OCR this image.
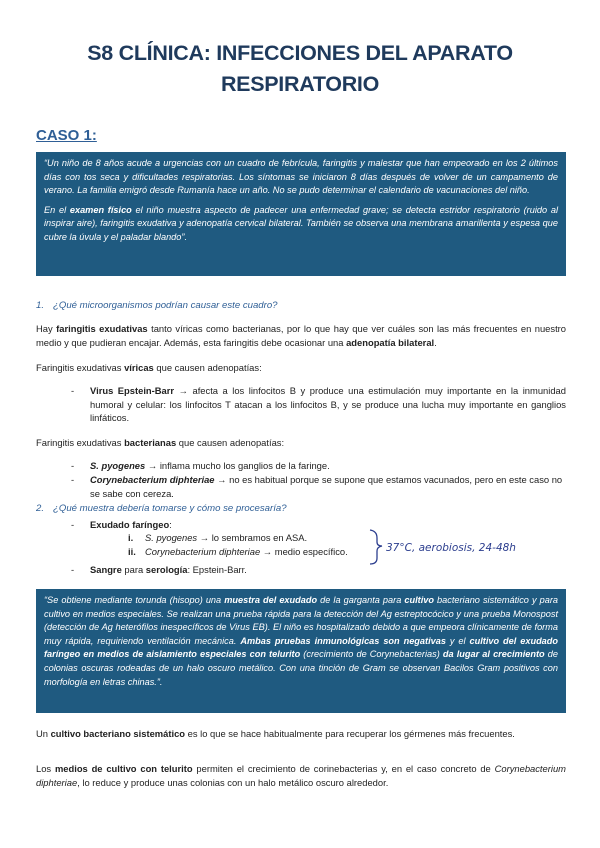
S8 CLÍNICA: INFECCIONES DEL APARATO
RESPIRATORIO
CASO 1:

“Un niño de 8 años acude a urgencias con un cuadro de febrícula, faringitis y malestar que han empeorado en los 2 últimos días con tos seca y dificultades respiratorias. Los síntomas se iniciaron 8 días después de volver de un campamento de verano. La familia emigró desde Rumanía hace un año. No se pudo determinar el calendario de vacunaciones del niño.

En el examen físico el niño muestra aspecto de padecer una enfermedad grave; se detecta estridor respiratorio (ruido al inspirar aire), faringitis exudativa y adenopatía cervical bilateral. También se observa una membrana amarillenta y espesa que cubre la úvula y el paladar blando”.

1. ¿Qué microorganismos podrían causar este cuadro?
Hay faringitis exudativas tanto víricas como bacterianas, por lo que hay que ver cuáles son las más frecuentes en nuestro medio y que pudieran encajar. Además, esta faringitis debe ocasionar una adenopatía bilateral.
Faringitis exudativas víricas que causen adenopatías:
- Virus Epstein-Barr → afecta a los linfocitos B y produce una estimulación muy importante en la inmunidad humoral y celular: los linfocitos T atacan a los linfocitos B, y se produce una lucha muy importante en ganglios linfáticos.
Faringitis exudativas bacterianas que causen adenopatías:
- S. pyogenes → inflama mucho los ganglios de la faringe.
- Corynebacterium diphteriae → no es habitual porque se supone que estamos vacunados, pero en este caso no se sabe con cereza.
2. ¿Qué muestra debería tomarse y cómo se procesaría?
- Exudado faríngeo:
i. S. pyogenes → lo sembramos en ASA.
ii. Corynebacterium diphteriae → medio específico.
- Sangre para serología: Epstein-Barr.
37°C, aerobiosis, 24-48h

“Se obtiene mediante torunda (hisopo) una muestra del exudado de la garganta para cultivo bacteriano sistemático y para cultivo en medios especiales. Se realizan una prueba rápida para la detección del Ag estreptocócico y una prueba Monospost (detección de Ag heterófilos inespecíficos de Virus EB). El niño es hospitalizado debido a que empeora clínicamente de forma muy rápida, requiriendo ventilación mecánica. Ambas pruebas inmunológicas son negativas y el cultivo del exudado faríngeo en medios de aislamiento especiales con telurito (crecimiento de Corynebacterias) da lugar al crecimiento de colonias oscuras rodeadas de un halo oscuro metálico. Con una tinción de Gram se observan Bacilos Gram positivos con morfología en letras chinas.”.

Un cultivo bacteriano sistemático es lo que se hace habitualmente para recuperar los gérmenes más frecuentes.
Los medios de cultivo con telurito permiten el crecimiento de corinebacterias y, en el caso concreto de Corynebacterium diphteriae, lo reduce y produce unas colonias con un halo metálico oscuro alrededor.
